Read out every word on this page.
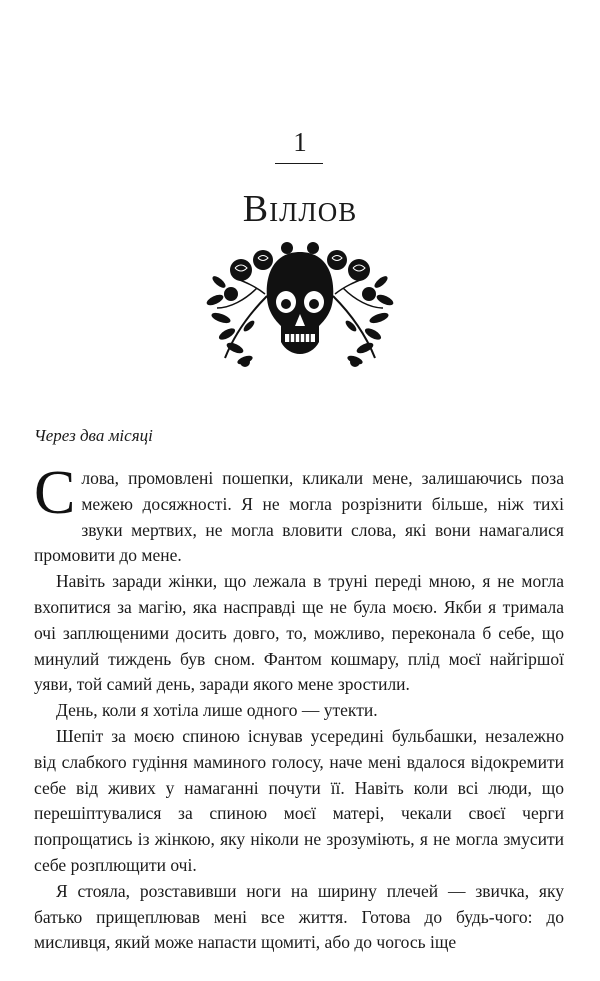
1
Віллов
Через два місяці

Слова, промовлені пошепки, кликали мене, залишаючись поза межею досяжності. Я не могла розрізнити більше, ніж тихі звуки мертвих, не могла вловити слова, які вони намагалися промовити до мене.

Навіть заради жінки, що лежала в труні переді мною, я не могла вхопитися за магію, яка насправді ще не була моєю. Якби я тримала очі заплющеними досить довго, то, можливо, переконала б себе, що минулий тиждень був сном. Фантом кошмару, плід моєї найгіршої уяви, той самий день, заради якого мене зростили.

День, коли я хотіла лише одного — утекти.

Шепіт за моєю спиною існував усередині бульбашки, незалежно від слабкого гудіння маминого голосу, наче мені вдалося відокремити себе від живих у намаганні почути її. Навіть коли всі люди, що перешіптувалися за спиною моєї матері, чекали своєї черги попрощатись із жінкою, яку ніколи не зрозуміють, я не могла змусити себе розплющити очі.

Я стояла, розставивши ноги на ширину плечей — звичка, яку батько прищеплював мені все життя. Готова до будь-чого: до мисливця, який може напасти щомиті, або до чогось іще
